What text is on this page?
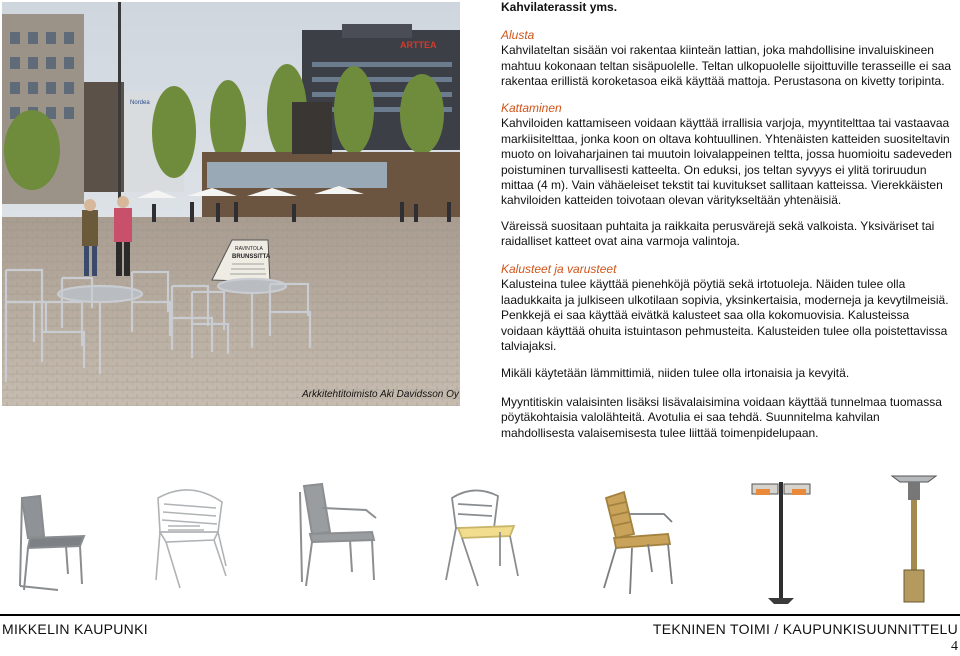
Nordea
ARTTEA
RAVINTOLA
BRUNSSITTA
Arkkitehtitoimisto Aki Davidsson Oy
Kahvilaterassit yms.
Alusta
Kahvilateltan sisään voi rakentaa kiinteän lattian, joka mahdollisine invaluiskineen mahtuu kokonaan teltan sisäpuolelle. Teltan ulkopuolelle sijoittuville terasseille ei saa rakentaa erillistä koroketasoa eikä käyttää mattoja. Perustasona on kivetty toripinta.
Kattaminen
Kahviloiden kattamiseen voidaan käyttää irrallisia varjoja, myyntitelttaa tai vastaavaa markiisitelttaa, jonka koon on oltava kohtuullinen. Yhtenäisten katteiden suositeltavin muoto on loivaharjainen tai muutoin loivalappeinen teltta, jossa huomioitu sadeveden poistuminen turvallisesti katteelta. On eduksi, jos teltan syvyys ei ylitä toriruudun mittaa (4 m). Vain vähäeleiset tekstit tai kuvitukset sallitaan katteissa. Vierekkäisten kahviloiden katteiden toivotaan olevan väritykseltään yhtenäisiä.
Väreissä suositaan puhtaita ja raikkaita perusvärejä sekä valkoista. Yksiväriset tai raidalliset katteet ovat aina varmoja valintoja.
Kalusteet ja varusteet
Kalusteina tulee käyttää pienehköjä pöytiä sekä irtotuoleja. Näiden tulee olla laadukkaita ja julkiseen ulkotilaan sopivia, yksinkertaisia, moderneja ja kevytilmeisiä. Penkkejä ei saa käyttää eivätkä kalusteet saa olla kokomuovisia. Kalusteissa voidaan käyttää ohuita istuintason pehmusteita. Kalusteiden tulee olla poistettavissa talviajaksi.
Mikäli käytetään lämmittimiä, niiden tulee olla irtonaisia ja kevyitä.
Myyntitiskin valaisinten lisäksi lisävalaisimina voidaan käyttää tunnelmaa tuomassa pöytäkohtaisia valolähteitä. Avotulia ei saa tehdä. Suunnitelma kahvilan mahdollisesta valaisemisesta tulee liittää toimenpidelupaan.
MIKKELIN KAUPUNKI	TEKNINEN TOIMI / KAUPUNKISUUNNITTELU
4
